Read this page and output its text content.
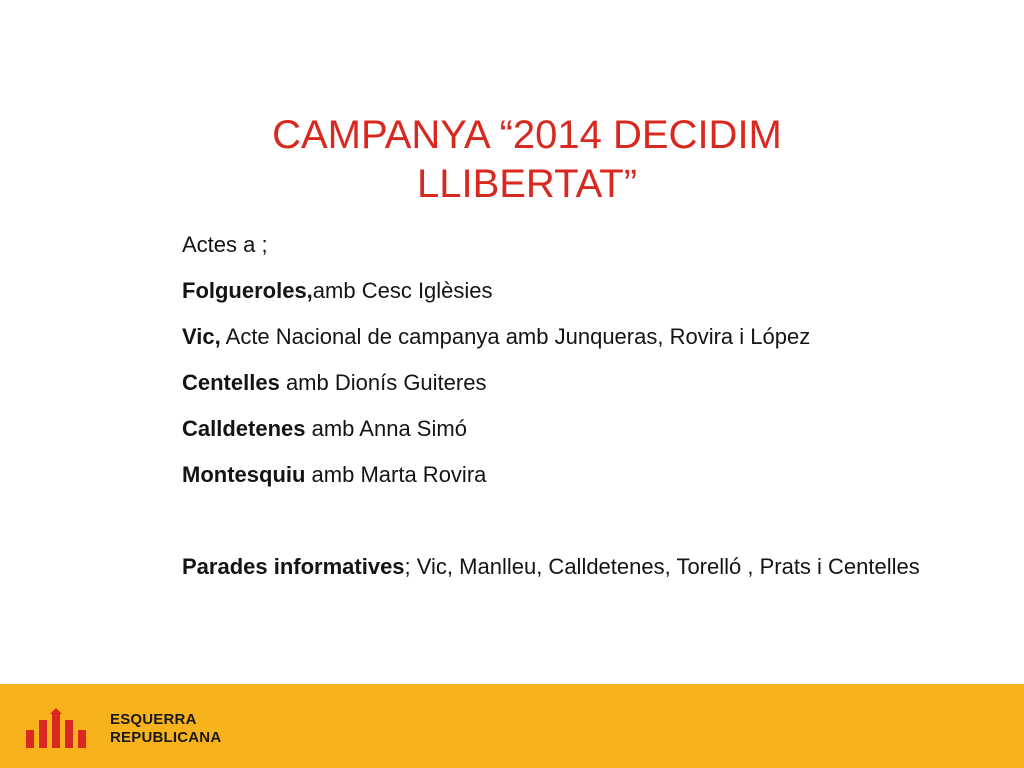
CAMPANYA “2014 DECIDIM
LLIBERTAT”
Actes a ;
Folgueroles,amb Cesc Iglèsies
Vic, Acte Nacional de campanya amb Junqueras, Rovira i López
Centelles amb Dionís Guiteres
Calldetenes amb Anna Simó
Montesquiu amb Marta Rovira
Parades informatives; Vic, Manlleu, Calldetenes, Torelló , Prats i Centelles
ESQUERRA
REPUBLICANA
